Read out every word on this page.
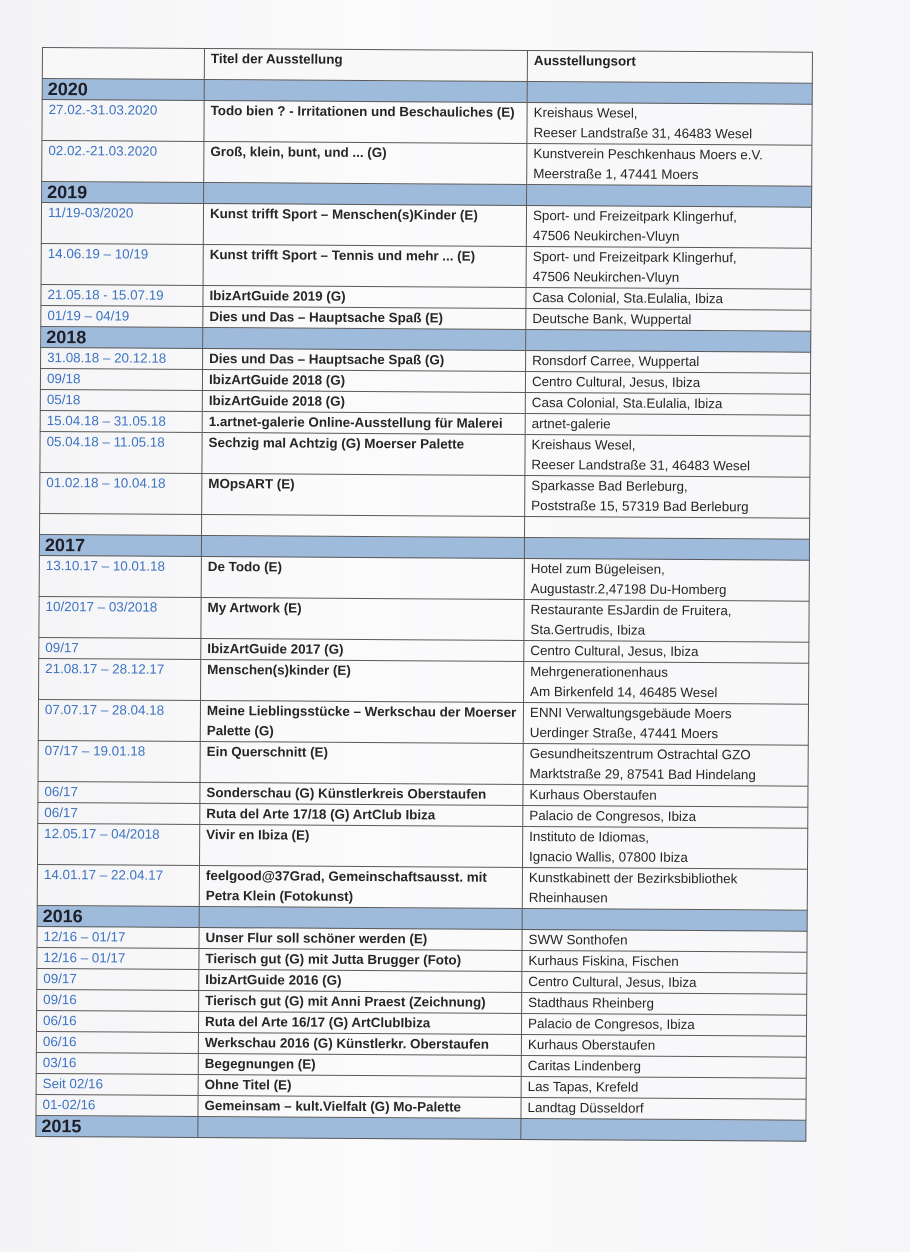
	Titel der Ausstellung	Ausstellungsort
2020		
27.02.-31.03.2020	Todo bien ? - Irritationen und Beschauliches (E)	Kreishaus Wesel,
Reeser Landstraße 31, 46483 Wesel

02.02.-21.03.2020	Groß, klein, bunt, und ... (G)	Kunstverein Peschkenhaus Moers e.V.
Meerstraße 1, 47441 Moers

2019		
11/19-03/2020	Kunst trifft Sport – Menschen(s)Kinder (E)	Sport- und Freizeitpark Klingerhuf,
47506 Neukirchen-Vluyn

14.06.19 – 10/19	Kunst trifft Sport – Tennis und mehr ... (E)	Sport- und Freizeitpark Klingerhuf,
47506 Neukirchen-Vluyn

21.05.18 - 15.07.19	IbizArtGuide 2019 (G)	Casa Colonial, Sta.Eulalia, Ibiza

01/19 – 04/19	Dies und Das – Hauptsache Spaß (E)	Deutsche Bank, Wuppertal

2018		
31.08.18 – 20.12.18	Dies und Das – Hauptsache Spaß (G)	Ronsdorf Carree, Wuppertal

09/18	IbizArtGuide 2018 (G)	Centro Cultural, Jesus, Ibiza

05/18	IbizArtGuide 2018 (G)	Casa Colonial, Sta.Eulalia, Ibiza

15.04.18 – 31.05.18	1.artnet-galerie Online-Ausstellung für Malerei	artnet-galerie

05.04.18 – 11.05.18	Sechzig mal Achtzig (G) Moerser Palette	Kreishaus Wesel,
Reeser Landstraße 31, 46483 Wesel

01.02.18 – 10.04.18	MOpsART (E)	Sparkasse Bad Berleburg,
Poststraße 15, 57319 Bad Berleburg

2017		
13.10.17 – 10.01.18	De Todo (E)	Hotel zum Bügeleisen,
Augustastr.2,47198 Du-Homberg

10/2017 – 03/2018	My Artwork (E)	Restaurante EsJardin de Fruitera,
Sta.Gertrudis, Ibiza

09/17	IbizArtGuide 2017 (G)	Centro Cultural, Jesus, Ibiza

21.08.17 – 28.12.17	Menschen(s)kinder (E)	Mehrgenerationenhaus
Am Birkenfeld 14, 46485 Wesel

07.07.17 – 28.04.18	Meine Lieblingsstücke – Werkschau der Moerser Palette (G)	ENNI Verwaltungsgebäude Moers
Uerdinger Straße, 47441 Moers

07/17 – 19.01.18	Ein Querschnitt (E)	Gesundheitszentrum Ostrachtal GZO
Marktstraße 29, 87541 Bad Hindelang

06/17	Sonderschau (G) Künstlerkreis Oberstaufen	Kurhaus Oberstaufen

06/17	Ruta del Arte 17/18 (G) ArtClub Ibiza	Palacio de Congresos, Ibiza

12.05.17 – 04/2018	Vivir en Ibiza (E)	Instituto de Idiomas,
Ignacio Wallis, 07800 Ibiza

14.01.17 – 22.04.17	feelgood@37Grad, Gemeinschaftsausst. mit Petra Klein (Fotokunst)	Kunstkabinett der Bezirksbibliothek
Rheinhausen

2016		
12/16 – 01/17	Unser Flur soll schöner werden (E)	SWW Sonthofen

12/16 – 01/17	Tierisch gut (G) mit Jutta Brugger (Foto)	Kurhaus Fiskina, Fischen

09/17	IbizArtGuide 2016 (G)	Centro Cultural, Jesus, Ibiza

09/16	Tierisch gut (G) mit Anni Praest (Zeichnung)	Stadthaus Rheinberg

06/16	Ruta del Arte 16/17 (G) ArtClubIbiza	Palacio de Congresos, Ibiza

06/16	Werkschau 2016 (G) Künstlerkr. Oberstaufen	Kurhaus Oberstaufen

03/16	Begegnungen (E)	Caritas Lindenberg

Seit 02/16	Ohne Titel (E)	Las Tapas, Krefeld

01-02/16	Gemeinsam – kult.Vielfalt (G) Mo-Palette	Landtag Düsseldorf

2015		
